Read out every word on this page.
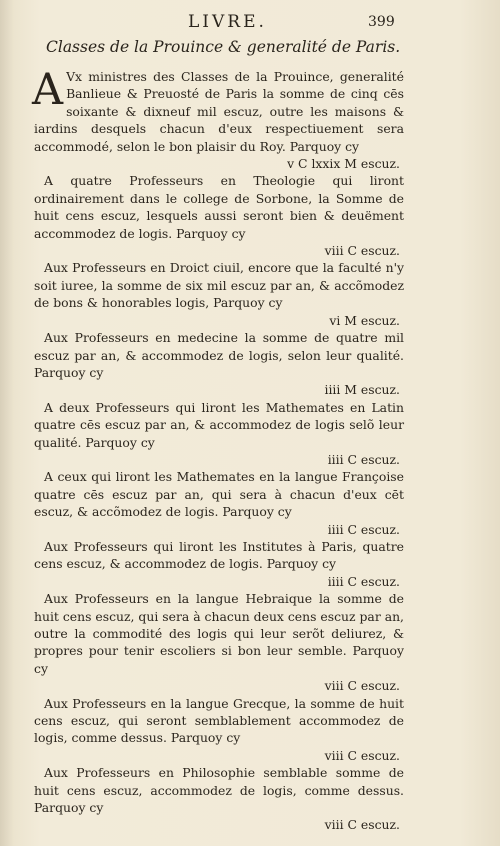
LIVRE.	399
Classes de la Prouince & generalité de Paris.

A Vx ministres des Classes de la Prouince, generalité Banlieue & Preuosté de Paris la somme de cinq cēs soixante & dixneuf mil escuz, outre les maisons & iardins desquels chacun d'eux respectiuement sera accommodé, selon le bon plaisir du Roy. Parquoy cy
v C lxxix M escuz.

A quatre Professeurs en Theologie qui liront ordinairement dans le college de Sorbone, la Somme de huit cens escuz, lesquels aussi seront bien & deuëment accommodez de logis. Parquoy cy
viii C escuz.

Aux Professeurs en Droict ciuil, encore que la faculté n'y soit iuree, la somme de six mil escuz par an, & accõmodez de bons & honorables logis, Parquoy cy
vi M escuz.

Aux Professeurs en medecine la somme de quatre mil escuz par an, & accommodez de logis, selon leur qualité. Parquoy cy
iiii M escuz.

A deux Professeurs qui liront les Mathemates en Latin quatre cēs escuz par an, & accommodez de logis selõ leur qualité. Parquoy cy
iiii C escuz.

A ceux qui liront les Mathemates en la langue Françoise quatre cēs escuz par an, qui sera à chacun d'eux cēt escuz, & accõmodez de logis. Parquoy cy
iiii C escuz.

Aux Professeurs qui liront les Institutes à Paris, quatre cens escuz, & accommodez de logis. Parquoy cy
iiii C escuz.

Aux Professeurs en la langue Hebraique la somme de huit cens escuz, qui sera à chacun deux cens escuz par an, outre la commodité des logis qui leur serõt deliurez, & propres pour tenir escoliers si bon leur semble. Parquoy cy
viii C escuz.

Aux Professeurs en la langue Grecque, la somme de huit cens escuz, qui seront semblablement accommodez de logis, comme dessus. Parquoy cy
viii C escuz.

Aux Professeurs en Philosophie semblable somme de huit cens escuz, accommodez de logis, comme dessus. Parquoy cy
viii C escuz.
